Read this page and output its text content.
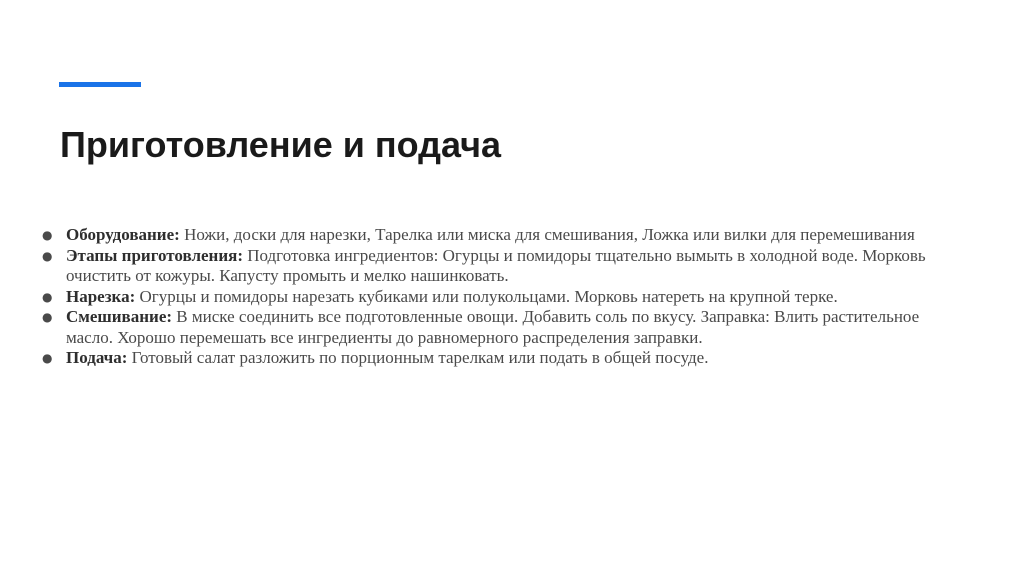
Приготовление и подача
● Оборудование: Ножи, доски для нарезки, Тарелка или миска для смешивания, Ложка или вилки для перемешивания
● Этапы приготовления: Подготовка ингредиентов: Огурцы и помидоры тщательно вымыть в холодной воде. Морковь очистить от кожуры. Капусту промыть и мелко нашинковать.
● Нарезка: Огурцы и помидоры нарезать кубиками или полукольцами. Морковь натереть на крупной терке.
● Смешивание: В миске соединить все подготовленные овощи. Добавить соль по вкусу. Заправка: Влить растительное масло. Хорошо перемешать все ингредиенты до равномерного распределения заправки.
● Подача: Готовый салат разложить по порционным тарелкам или подать в общей посуде.
